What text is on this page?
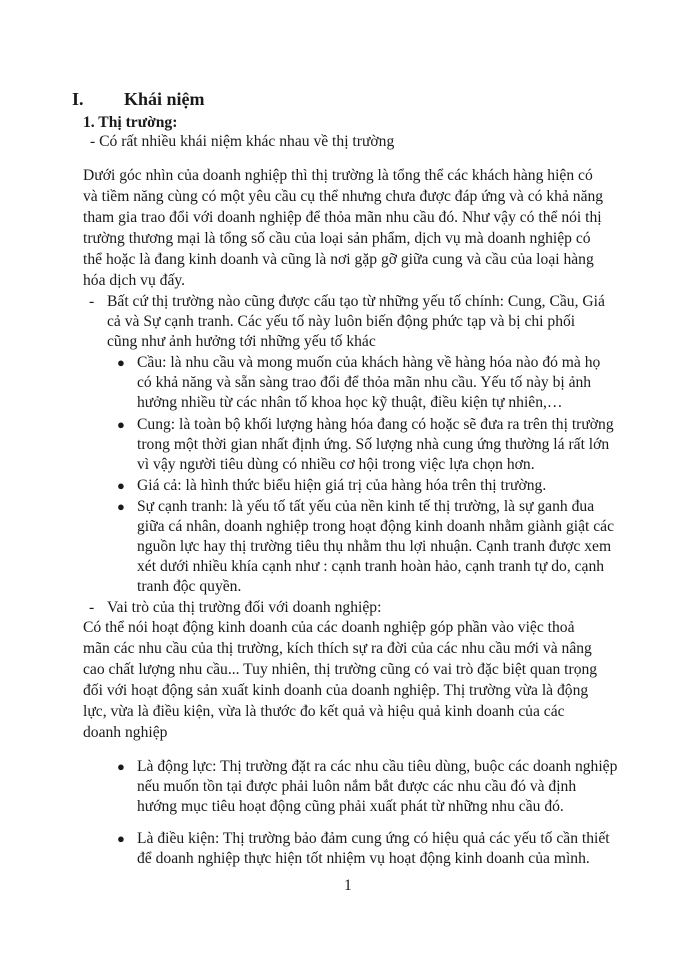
I. Khái niệm
1. Thị trường:
- Có rất nhiều khái niệm khác nhau về thị trường
Dưới góc nhìn của doanh nghiệp thì thị trường là tổng thể các khách hàng hiện có
và tiềm năng cùng có một yêu cầu cụ thể nhưng chưa được đáp ứng và có khả năng
tham gia trao đổi với doanh nghiệp để thỏa mãn nhu cầu đó. Như vậy có thể nói thị
trường thương mại là tổng số cầu của loại sản phẩm, dịch vụ mà doanh nghiệp có
thể hoặc là đang kinh doanh và cũng là nơi gặp gỡ giữa cung và cầu của loại hàng
hóa dịch vụ đấy.
- Bất cứ thị trường nào cũng được cấu tạo từ những yếu tố chính: Cung, Cầu, Giá
cả và Sự cạnh tranh. Các yếu tố này luôn biến động phức tạp và bị chi phối
cũng như ảnh hưởng tới những yếu tố khác
● Cầu: là nhu cầu và mong muốn của khách hàng về hàng hóa nào đó mà họ
có khả năng và sẵn sàng trao đổi để thỏa mãn nhu cầu. Yếu tố này bị ảnh
hưởng nhiều từ các nhân tố khoa học kỹ thuật, điều kiện tự nhiên,…
● Cung: là toàn bộ khối lượng hàng hóa đang có hoặc sẽ đưa ra trên thị trường
trong một thời gian nhất định ứng. Số lượng nhà cung ứng thường lá rất lớn
vì vậy người tiêu dùng có nhiều cơ hội trong việc lựa chọn hơn.
● Giá cả: là hình thức biểu hiện giá trị của hàng hóa trên thị trường.
● Sự cạnh tranh: là yếu tố tất yếu của nền kinh tế thị trường, là sự ganh đua
giữa cá nhân, doanh nghiệp trong hoạt động kinh doanh nhằm giành giật các
nguồn lực hay thị trường tiêu thụ nhằm thu lợi nhuận. Cạnh tranh được xem
xét dưới nhiều khía cạnh như : cạnh tranh hoàn hảo, cạnh tranh tự do, cạnh
tranh độc quyền.
- Vai trò của thị trường đối với doanh nghiệp:
Có thể nói hoạt động kinh doanh của các doanh nghiệp góp phần vào việc thoả
mãn các nhu cầu của thị trường, kích thích sự ra đời của các nhu cầu mới và nâng
cao chất lượng nhu cầu... Tuy nhiên, thị trường cũng có vai trò đặc biệt quan trọng
đối với hoạt động sản xuất kinh doanh của doanh nghiệp. Thị trường vừa là động
lực, vừa là điều kiện, vừa là thước đo kết quả và hiệu quả kinh doanh của các
doanh nghiệp
● Là động lực: Thị trường đặt ra các nhu cầu tiêu dùng, buộc các doanh nghiệp
nếu muốn tồn tại được phải luôn nắm bắt được các nhu cầu đó và định
hướng mục tiêu hoạt động cũng phải xuất phát từ những nhu cầu đó.
● Là điều kiện: Thị trường bảo đảm cung ứng có hiệu quả các yếu tố cần thiết
để doanh nghiệp thực hiện tốt nhiệm vụ hoạt động kinh doanh của mình.
1
